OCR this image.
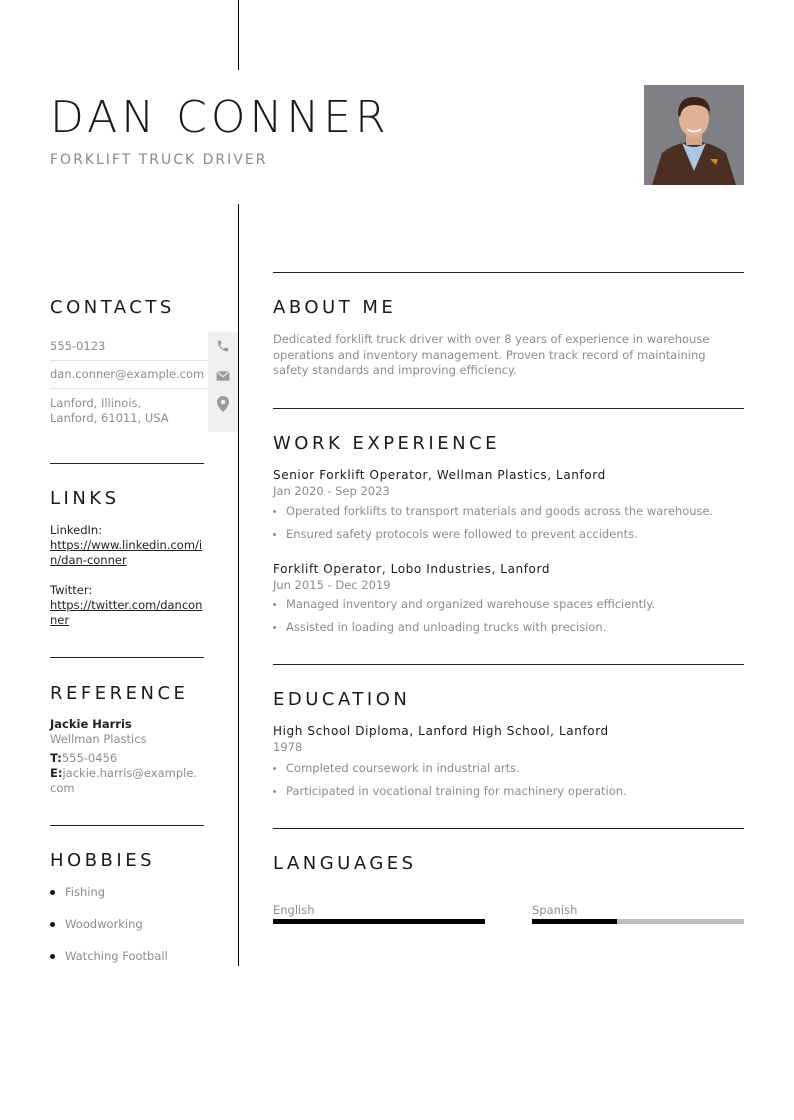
DAN CONNER
FORKLIFT TRUCK DRIVER
CONTACTS
555-0123
dan.conner@example.com
Lanford, Illinois, Lanford, 61011, USA
LINKS
LinkedIn:
https://www.linkedin.com/in/dan-conner
Twitter:
https://twitter.com/danconner
REFERENCE
Jackie Harris
Wellman Plastics
T:555-0456
E:jackie.harris@example.com
HOBBIES
Fishing
Woodworking
Watching Football
ABOUT ME
Dedicated forklift truck driver with over 8 years of experience in warehouse operations and inventory management. Proven track record of maintaining safety standards and improving efficiency.
WORK EXPERIENCE
Senior Forklift Operator, Wellman Plastics, Lanford
Jan 2020 - Sep 2023
Operated forklifts to transport materials and goods across the warehouse.
Ensured safety protocols were followed to prevent accidents.
Forklift Operator, Lobo Industries, Lanford
Jun 2015 - Dec 2019
Managed inventory and organized warehouse spaces efficiently.
Assisted in loading and unloading trucks with precision.
EDUCATION
High School Diploma, Lanford High School, Lanford
1978
Completed coursework in industrial arts.
Participated in vocational training for machinery operation.
LANGUAGES
English	Spanish
